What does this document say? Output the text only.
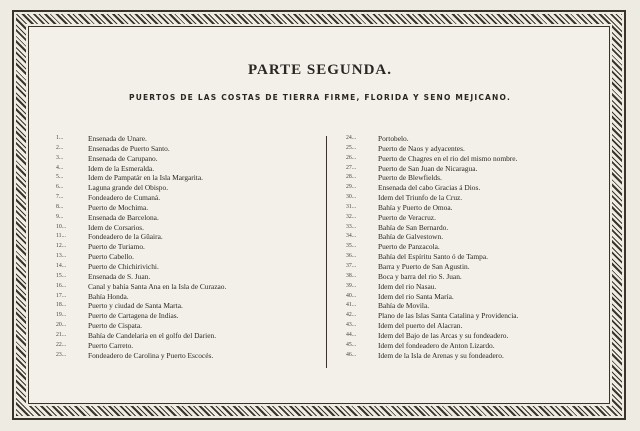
PARTE SEGUNDA.
PUERTOS DE LAS COSTAS DE TIERRA FIRME, FLORIDA Y SENO MEJICANO.
1...	Ensenada de Unare.
2...	Ensenadas de Puerto Santo.
3...	Ensenada de Carupano.
4...	Idem de la Esmeralda.
5...	Idem de Pampatár en la Isla Margarita.
6...	Laguna grande del Obispo.
7...	Fondeadero de Cumaná.
8...	Puerto de Mochima.
9...	Ensenada de Barcelona.
10...	Idem de Corsarios.
11...	Fondeadero de la Gûaira.
12...	Puerto de Turiamo.
13...	Puerto Cabello.
14...	Puerto de Chichirivichi.
15...	Ensenada de S. Juan.
16...	Canal y bahía Santa Ana en la Isla de Curazao.
17...	Bahía Honda.
18...	Puerto y ciudad de Santa Marta.
19...	Puerto de Cartagena de Indias.
20...	Puerto de Cispata.
21...	Bahía de Candelaria en el golfo del Darien.
22...	Puerto Carreto.
23...	Fondeadero de Carolina y Puerto Escocés.
24...	Portobelo.
25...	Puerto de Naos y adyacentes.
26...	Puerto de Chagres en el rio del mismo nombre.
27...	Puerto de San Juan de Nicaragua.
28...	Puerto de Blewfields.
29...	Ensenada del cabo Gracias á Dios.
30...	Idem del Triunfo de la Cruz.
31...	Bahía y Puerto de Omoa.
32...	Puerto de Veracruz.
33...	Bahía de San Bernardo.
34...	Bahía de Galvestown.
35...	Puerto de Panzacola.
36...	Bahía del Espíritu Santo ó de Tampa.
37...	Barra y Puerto de San Agustin.
38...	Boca y barra del rio S. Juan.
39...	Idem del rio Nasau.
40...	Idem del rio Santa María.
41...	Bahía de Movila.
42...	Plano de las Islas Santa Catalina y Providencia.
43...	Idem del puerto del Alacran.
44...	Idem del Bajo de las Arcas y su fondeadero.
45...	Idem del fondeadero de Anton Lizardo.
46...	Idem de la Isla de Arenas y su fondeadero.
